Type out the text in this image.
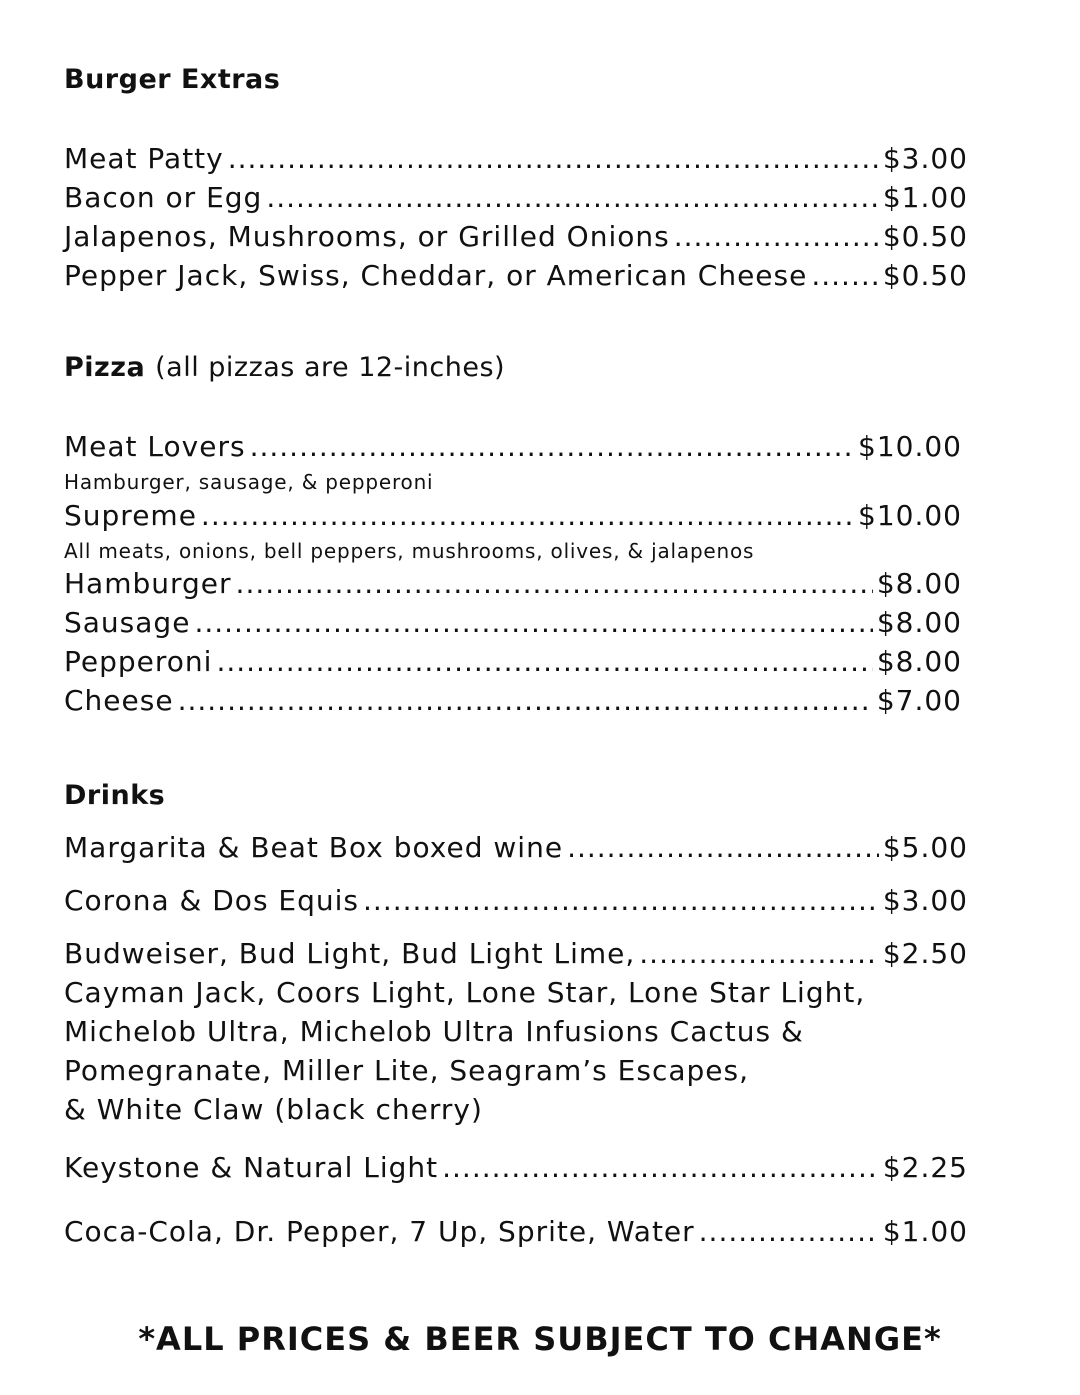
Burger Extras
Meat Patty .....	$3.00
Bacon or Egg .....	$1.00
Jalapenos, Mushrooms, or Grilled Onions .....	$0.50
Pepper Jack, Swiss, Cheddar, or American Cheese .....	$0.50
Pizza (all pizzas are 12-inches)
Meat Lovers .....	$10.00
Hamburger, sausage, & pepperoni
Supreme .....	$10.00
All meats, onions, bell peppers, mushrooms, olives, & jalapenos
Hamburger .....	$8.00
Sausage .....	$8.00
Pepperoni .....	$8.00
Cheese .....	$7.00
Drinks
Margarita & Beat Box boxed wine .....	$5.00
Corona & Dos Equis .....	$3.00
Budweiser, Bud Light, Bud Light Lime, .....	$2.50
Cayman Jack, Coors Light, Lone Star, Lone Star Light,
Michelob Ultra, Michelob Ultra Infusions Cactus &
Pomegranate, Miller Lite, Seagram’s Escapes,
& White Claw (black cherry)
Keystone & Natural Light .....	$2.25
Coca-Cola, Dr. Pepper, 7 Up, Sprite, Water .....	$1.00
*ALL PRICES & BEER SUBJECT TO CHANGE*
